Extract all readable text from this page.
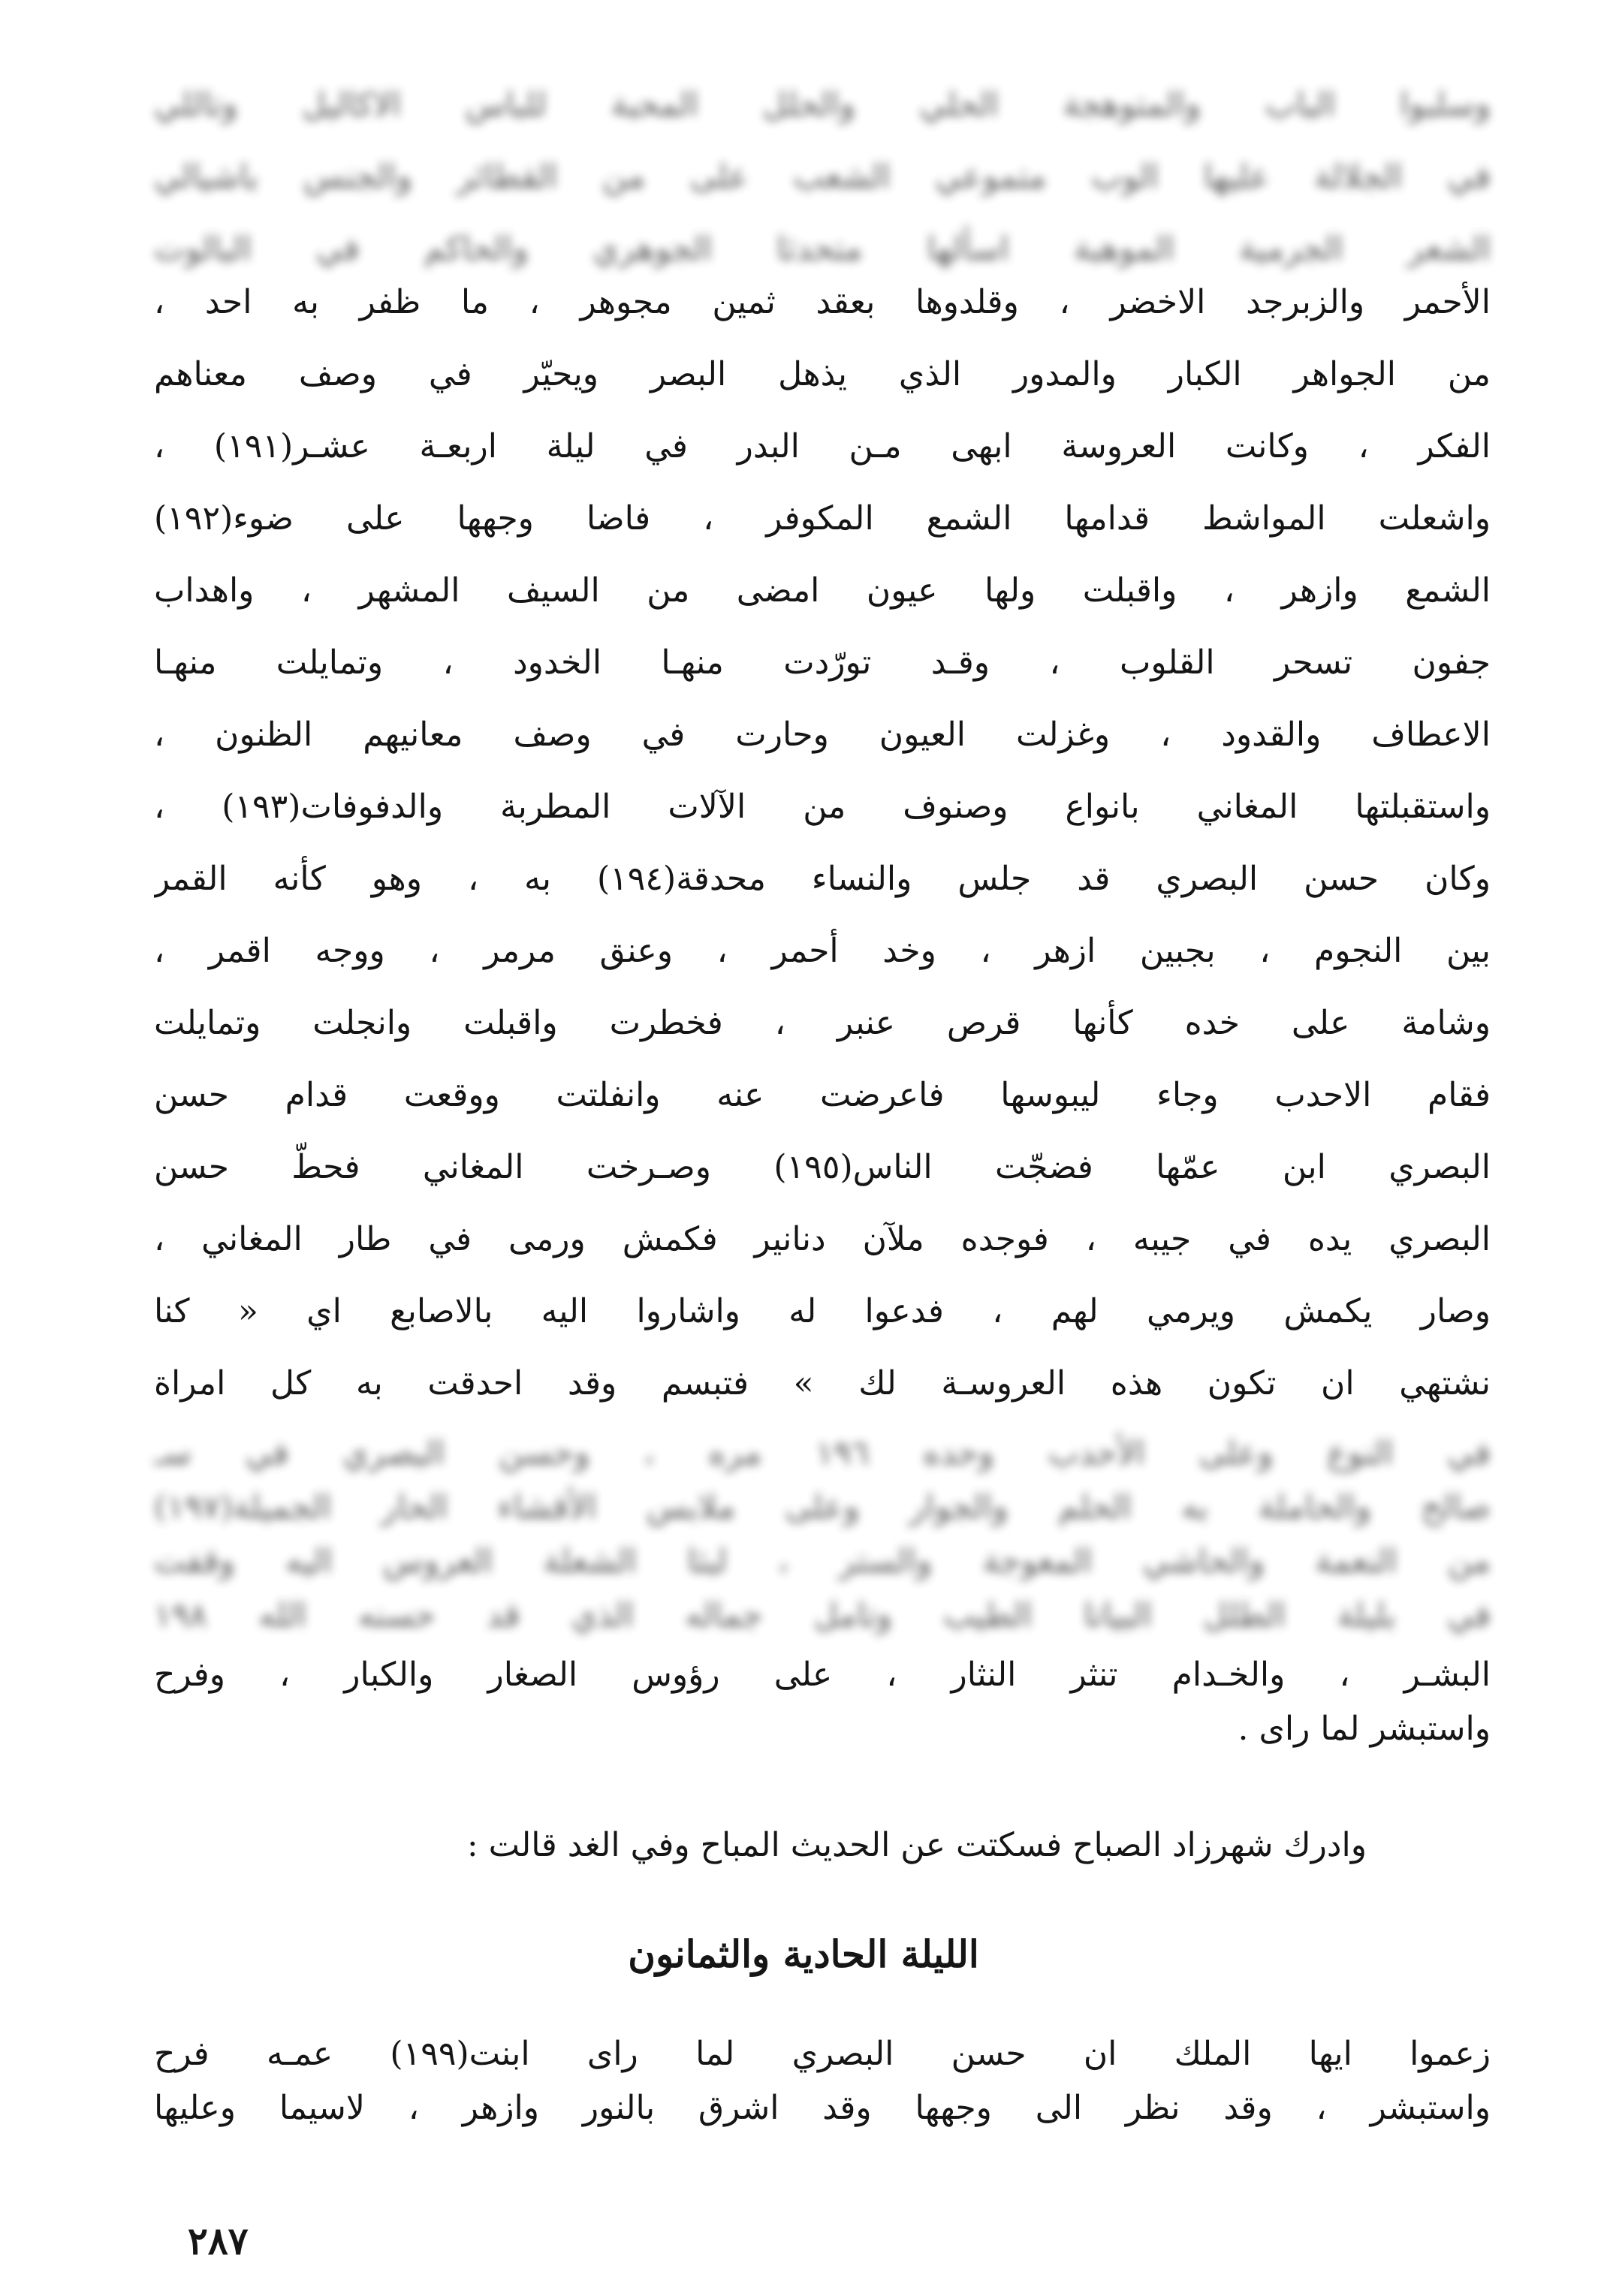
وسلبوا الباب والمتوهجة الحلي والحلل المحبة للباس الاكاليل وتاللي
في الجلالة عليها الوب متموعي الشعب على من القطائر والجنس باشيالي
الشعر الجرمية الموهبة اسألها متحدثا الجوهري والحاكم في البالوت
الأحمر والزبرجد الاخضر ، وقلدوها بعقد ثمين مجوهر ، ما ظفر به احد ،
من الجواهر الكبار والمدور الذي يذهل البصر ويحيّر في وصف معناهم
الفكر ، وكانت العروسة ابهى مـن البدر في ليلة اربعـة عشـر(١٩١) ،
واشعلت المواشط قدامها الشمع المكوفر ، فاضا وجهها على ضوء(١٩٢)
الشمع وازهر ، واقبلت ولها عيون امضى من السيف المشهر ، واهداب
جفون تسحر القلوب ، وقـد تورّدت منهـا الخدود ، وتمايلت منهـا
الاعطاف والقدود ، وغزلت العيون وحارت في وصف معانيهم الظنون ،
واستقبلتها المغاني بانواع وصنوف من الآلات المطربة والدفوفات(١٩٣) ،
وكان حسن البصري قد جلس والنساء محدقة(١٩٤) به ، وهو كأنه القمر
بين النجوم ، بجبين ازهر ، وخد أحمر ، وعنق مرمر ، ووجه اقمر ،
وشامة على خده كأنها قرص عنبر ، فخطرت واقبلت وانجلت وتمايلت
فقام الاحدب وجاء ليبوسها فاعرضت عنه وانفلتت ووقعت قدام حسن
البصري ابن عمّها فضجّت الناس(١٩٥) وصـرخت المغاني فحطّ حسن
البصري يده في جيبه ، فوجده ملآن دنانير فكمش ورمى في طار المغاني ،
وصار يكمش ويرمي لهم ، فدعوا له واشاروا اليه بالاصابع اي « كنا
نشتهي ان تكون هذه العروسـة لك » فتبسم وقد احدقت به كل امراة
في النوع وعلى الأحدب وحده ١٩٦ مره ، وحسن البصري في سـ
صالح والحاملة به الحلم والجوار وعلى ملابس الأقشاء الحار الجميلة(١٩٧)
من النعمة والحاشي المعوجة والستر ، لبثا الشعلة العروس اليه وقفت
في بليلة الطلل البياتا الطيب وتامل جماله الذي قد حسنه الله ١٩٨
البشـر ، والخـدام تنثر النثار ، على رؤوس الصغار والكبار ، وفرح
واستبشر لما راى .
وادرك شهرزاد الصباح فسكتت عن الحديث المباح وفي الغد قالت :
الليلة الحادية والثمانون
زعموا ايها الملك ان حسن البصري لما راى ابنت(١٩٩) عمـه فرح
واستبشر ، وقد نظر الى وجهها وقد اشرق بالنور وازهر ، لاسيما وعليها
٢٨٧
